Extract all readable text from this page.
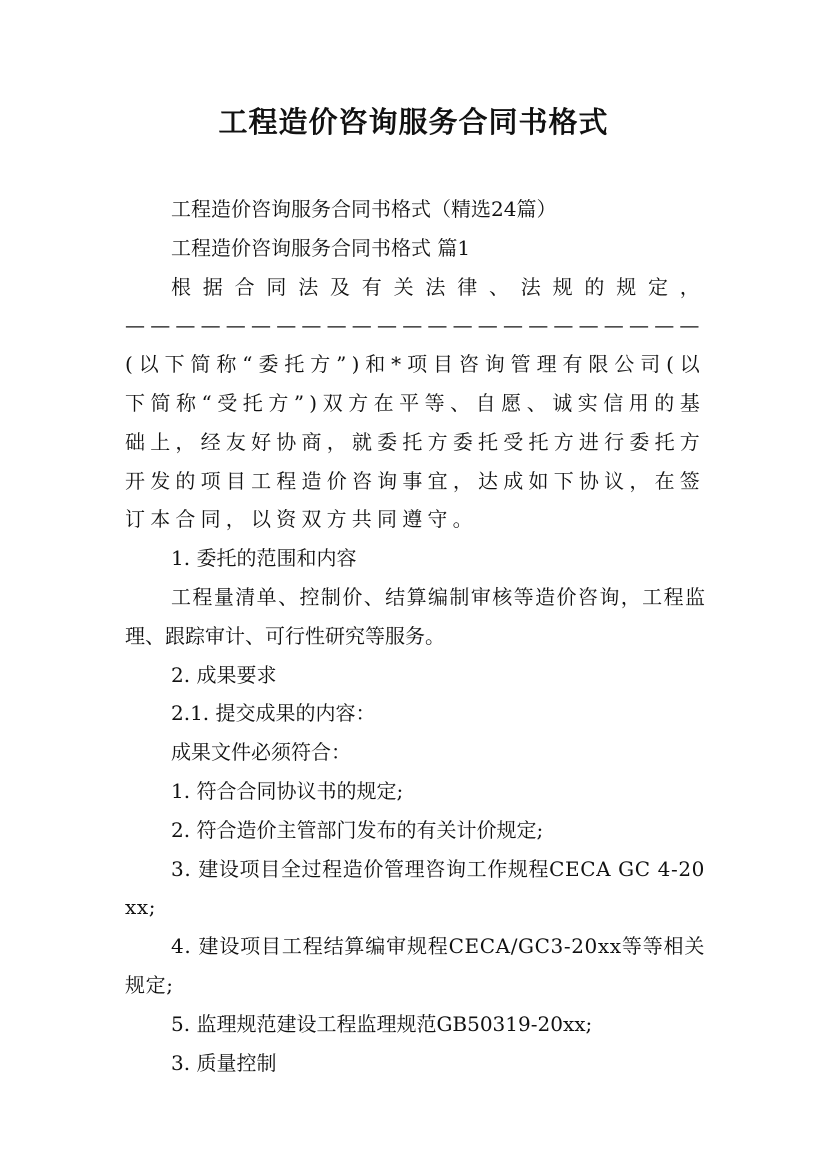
工程造价咨询服务合同书格式

工程造价咨询服务合同书格式（精选24篇）

工程造价咨询服务合同书格式 篇1

根据合同法及有关法律、法规的规定，———————————————————————(以下简称“委托方”)和*项目咨询管理有限公司(以下简称“受托方”)双方在平等、自愿、诚实信用的基础上，经友好协商，就委托方委托受托方进行委托方开发的项目工程造价咨询事宜，达成如下协议，在签订本合同，以资双方共同遵守。

1. 委托的范围和内容

工程量清单、控制价、结算编制审核等造价咨询，工程监理、跟踪审计、可行性研究等服务。

2. 成果要求

2.1. 提交成果的内容：

成果文件必须符合：

1. 符合合同协议书的规定;

2. 符合造价主管部门发布的有关计价规定;

3. 建设项目全过程造价管理咨询工作规程CECA GC 4-20xx;

4. 建设项目工程结算编审规程CECA/GC3-20xx等等相关规定;

5. 监理规范建设工程监理规范GB50319-20xx;

3. 质量控制
